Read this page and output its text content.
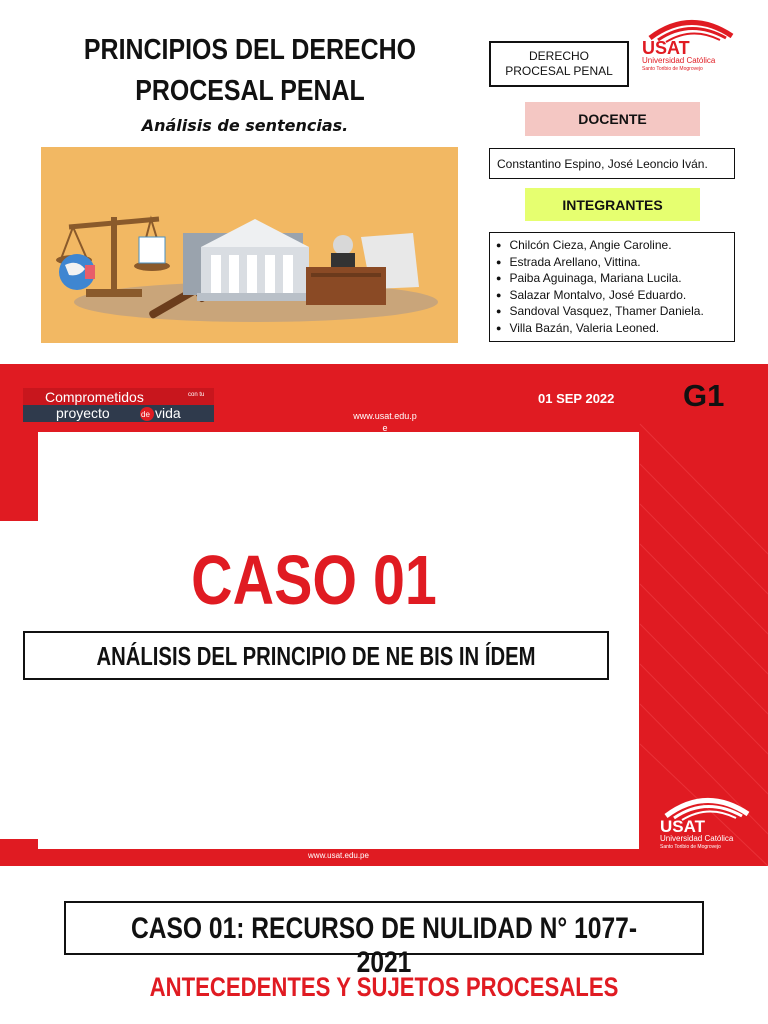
PRINCIPIOS DEL DERECHO
PROCESAL PENAL
Análisis de sentencias.
USAT
Universidad Católica
Santo Toribio de Mogrovejo
DERECHO
PROCESAL PENAL
DOCENTE
Constantino Espino, José Leoncio Iván.
INTEGRANTES
● Chilcón Cieza, Angie Caroline.
● Estrada Arellano, Vittina.
● Paiba Aguinaga, Mariana Lucila.
● Salazar Montalvo, José Eduardo.
● Sandoval Vasquez, Thamer Daniela.
● Villa Bazán, Valeria Leoned.
Comprometidos	con tu
proyecto	de vida	www.usat.edu.p
e
01 SEP 2022 G1
CASO 01
ANÁLISIS DEL PRINCIPIO DE NE BIS IN ÍDEM
www.usat.edu.pe
USAT
Universidad Católica
Santo Toribio de Mogrovejo
CASO 01: RECURSO DE NULIDAD N° 1077-2021
ANTECEDENTES Y SUJETOS PROCESALES
